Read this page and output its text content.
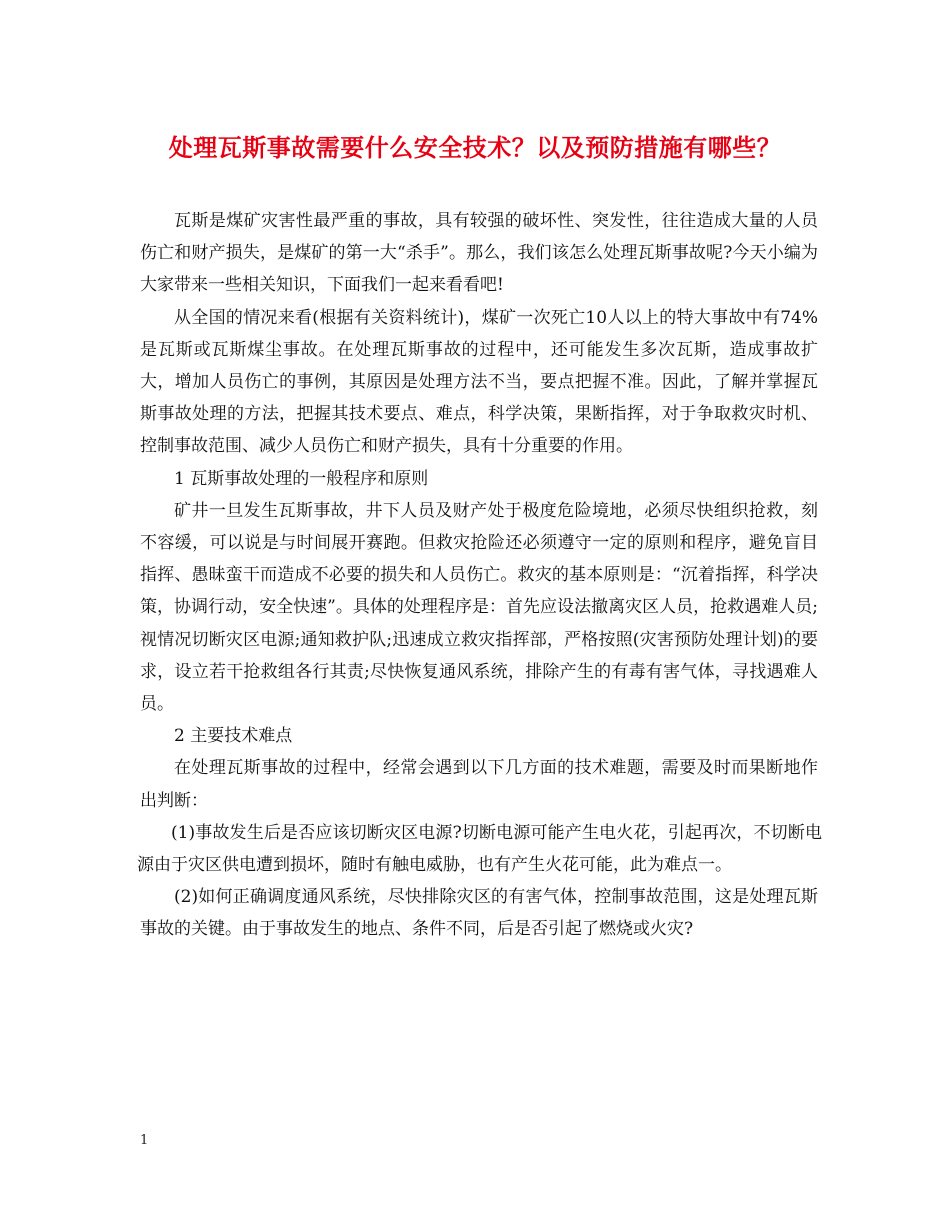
处理瓦斯事故需要什么安全技术？以及预防措施有哪些？

瓦斯是煤矿灾害性最严重的事故，具有较强的破坏性、突发性，往往造成大量的人员伤亡和财产损失，是煤矿的第一大“杀手”。那么，我们该怎么处理瓦斯事故呢?今天小编为大家带来一些相关知识，下面我们一起来看看吧!

从全国的情况来看(根据有关资料统计)，煤矿一次死亡10人以上的特大事故中有74%是瓦斯或瓦斯煤尘事故。在处理瓦斯事故的过程中，还可能发生多次瓦斯，造成事故扩大，增加人员伤亡的事例，其原因是处理方法不当，要点把握不准。因此，了解并掌握瓦斯事故处理的方法，把握其技术要点、难点，科学决策，果断指挥，对于争取救灾时机、控制事故范围、减少人员伤亡和财产损失，具有十分重要的作用。

1 瓦斯事故处理的一般程序和原则

矿井一旦发生瓦斯事故，井下人员及财产处于极度危险境地，必须尽快组织抢救，刻不容缓，可以说是与时间展开赛跑。但救灾抢险还必须遵守一定的原则和程序，避免盲目指挥、愚昧蛮干而造成不必要的损失和人员伤亡。救灾的基本原则是：“沉着指挥，科学决策，协调行动，安全快速”。具体的处理程序是：首先应设法撤离灾区人员，抢救遇难人员;视情况切断灾区电源;通知救护队;迅速成立救灾指挥部，严格按照(灾害预防处理计划)的要求，设立若干抢救组各行其责;尽快恢复通风系统，排除产生的有毒有害气体，寻找遇难人员。

2 主要技术难点

在处理瓦斯事故的过程中，经常会遇到以下几方面的技术难题，需要及时而果断地作出判断：

(1)事故发生后是否应该切断灾区电源?切断电源可能产生电火花，引起再次，不切断电源由于灾区供电遭到损坏，随时有触电威胁，也有产生火花可能，此为难点一。

(2)如何正确调度通风系统，尽快排除灾区的有害气体，控制事故范围，这是处理瓦斯事故的关键。由于事故发生的地点、条件不同，后是否引起了燃烧或火灾?

1
